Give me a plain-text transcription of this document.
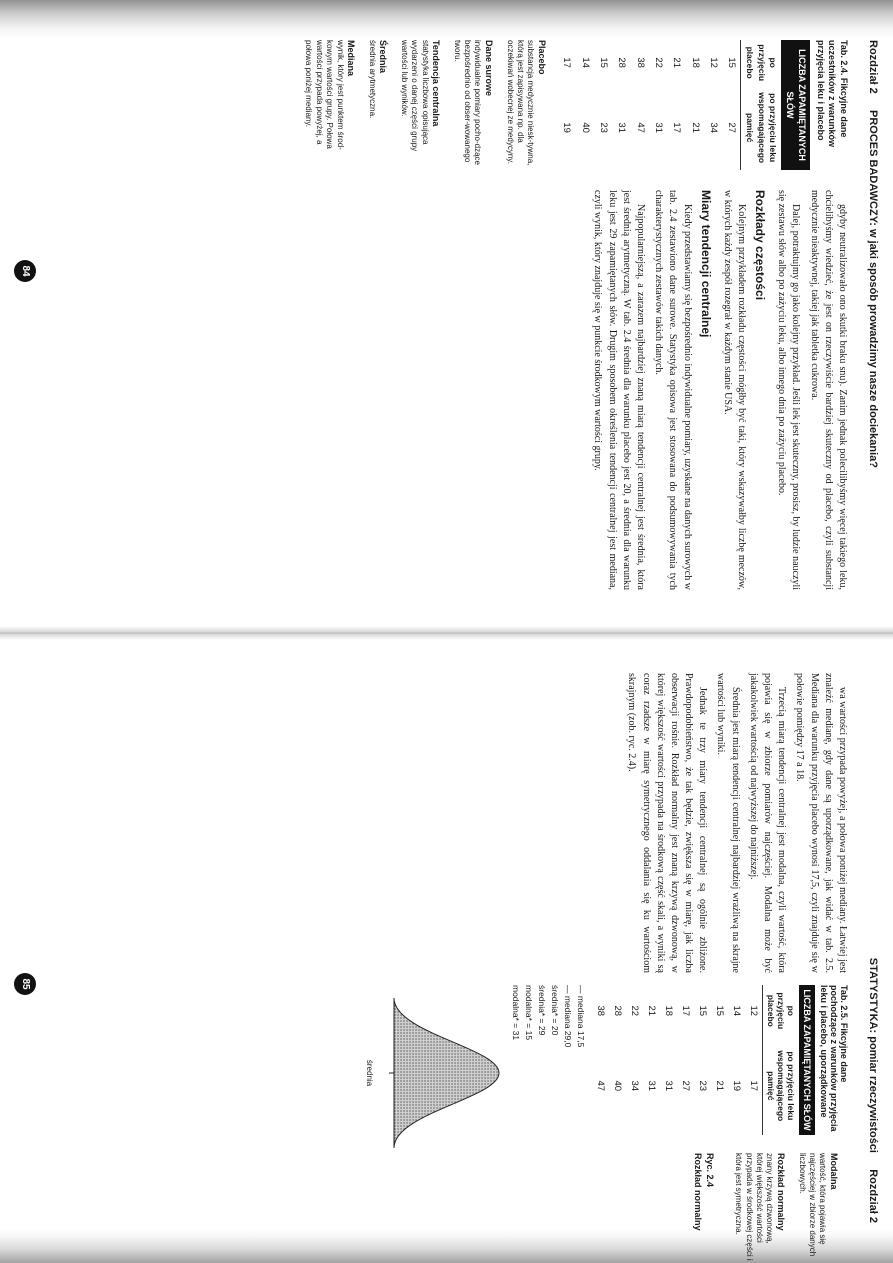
Rozdział 2
PROCES BADAWCZY: w jaki sposób prowadzimy nasze dociekania?
Tab. 2.4. Fikcyjne dane uczestników z warunków przyjęcia leku i placebo
LICZBA ZAPAMIĘTANYCH SŁÓW
po przyjęciu placebo	po przyjęciu leku wspomagającego pamięć
15	27
12	34
18	21
21	17
22	31
38	47
28	31
15	23
14	40
17	19
Placebo
substancja medycznie niesk-tywna, którą jest zapisywana np. dla oczekiwań wobecnej ze medycyny.
Dane surowe
indywidualne pomiary pocho-dzące bezpośrednio od obser-wowanego tworu.
Tendencja centralna
statystyka liczbowa opisująca wydarzeni o danej części grupy wartości lub wyników.
Średnia
średnia arytmetyczna.
Mediana
wynik, który jest punktem środ-kowym wartości grupy. Połowa wartości przypada powyżej, a połowa poniżej mediany.

gdyby neutralizowało ono skutki braku snu). Zanim jednak polecilibyśmy więcej takiego leku, chcielibyśmy wiedzieć, że jest on rzeczywiście bardziej skuteczny od placebo, czyli substancji medycznie nieaktywnej, takiej jak tabletka cukrowa.

Dalej, potraktujmy go jako kolejny przykład. Jeśli lek jest skuteczny, prosisz, by ludzie nauczyli się zestawu słów albo po zażyciu leku, albo innego dnia po zażyciu placebo.

Rozkłady częstości

Kolejnym przykładem rozkładu częstości mógłby być taki, który wskazywałby liczbę meczów, w których każdy zespół rozegrał w każdym stanie USA.

Miary tendencji centralnej

Kiedy przedstawiamy się bezpośrednio indywidualne pomiary, uzyskane na danych surowych w tab. 2.4 zestawiono dane surowe. Statystyka opisowa jest stosowana do podsumowywania tych charakterystycznych zestawów takich danych.

Najpopularniejszą, a zarazem najbardziej znaną miarą tendencji centralnej jest średnia, która jest średnią arytmetyczną. W tab. 2.4 średnia dla warunku placebo jest 20, a średnia dla warunku leku jest 29 zapamiętanych słów. Drugim sposobem określenia tendencji centralnej jest mediana, czyli wynik, który znajduje się w punkcie środkowym wartości grupy.

84
STATYSTYKA: pomiar rzeczywistości
Rozdział 2

wa wartości przypada powyżej, a połowa poniżej mediany. Łatwiej jest znaleźć medianę, gdy dane są uporządkowane, jak widać w tab. 2.5. Mediana dla warunku przyjęcia placebo wynosi 17,5, czyli znajduje się w połowie pomiędzy 17 a 18.

Trzecią miarą tendencji centralnej jest modalna, czyli wartość, która pojawia się w zbiorze pomiarów najczęściej. Modalna może być jakakolwiek wartością od najwyższej do najniższej.

Średnia jest miarą tendencji centralnej najbardziej wrażliwą na skrajne wartości lub wyniki.

Jednak te trzy miary tendencji centralnej są ogólnie zbliżone. Prawdopodobieństwo, że tak będzie, zwiększa się w miarę, jak liczba obserwacji rośnie. Rozkład normalny jest znaną krzywą dzwonową, w której większość wartości przypada na środkową część skali, a wyniki są coraz rzadsze w miarę symetrycznego oddalania się ku wartościom skrajnym (zob. ryc. 2.4).

Tab. 2.5. Fikcyjne dane pochodzące z warunków przyjęcia leku i placebo, uporządkowane
LICZBA ZAPAMIĘTANYCH SŁÓW
po przyjęciu placebo	po przyjęciu leku wspomagającego pamięć
12	17
14	19
15	21
15	23
17	27
18	31
21	31
22	34
28	40
38	47
— mediana 17,5
— mediana 29,0
średnia* = 20
średnia* = 29
modalna* = 15
modalna* = 31
średnia
Modalna
wartość, która pojawia się najczęściej w zbiorze danych liczbowych.
Rozkład normalny
znany krzywą dzwonową, której większość wartości przypada w środkowej części i która jest symetryczna.
Ryc. 2.4
Rozkład normalny
85
